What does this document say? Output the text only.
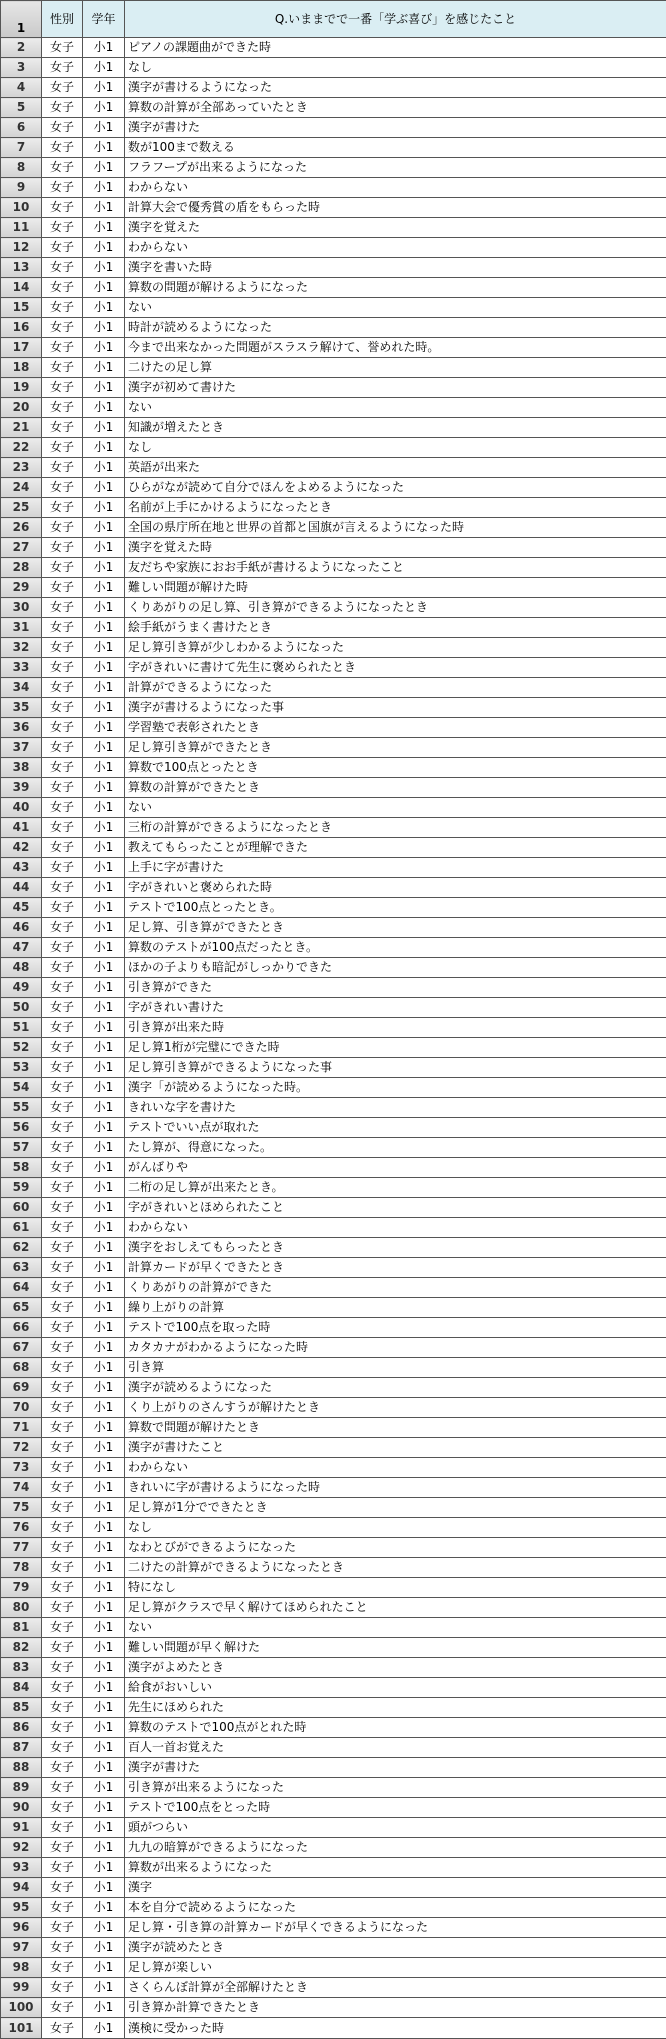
1	性別	学年	Q.いままでで一番「学ぶ喜び」を感じたこと
2	女子	小1	ピアノの課題曲ができた時
3	女子	小1	なし
4	女子	小1	漢字が書けるようになった
5	女子	小1	算数の計算が全部あっていたとき
6	女子	小1	漢字が書けた
7	女子	小1	数が100まで数える
8	女子	小1	フラフープが出来るようになった
9	女子	小1	わからない
10	女子	小1	計算大会で優秀賞の盾をもらった時
11	女子	小1	漢字を覚えた
12	女子	小1	わからない
13	女子	小1	漢字を書いた時
14	女子	小1	算数の問題が解けるようになった
15	女子	小1	ない
16	女子	小1	時計が読めるようになった
17	女子	小1	今まで出来なかった問題がスラスラ解けて、誉めれた時。
18	女子	小1	二けたの足し算
19	女子	小1	漢字が初めて書けた
20	女子	小1	ない
21	女子	小1	知識が増えたとき
22	女子	小1	なし
23	女子	小1	英語が出来た
24	女子	小1	ひらがなが読めて自分でほんをよめるようになった
25	女子	小1	名前が上手にかけるようになったとき
26	女子	小1	全国の県庁所在地と世界の首都と国旗が言えるようになった時
27	女子	小1	漢字を覚えた時
28	女子	小1	友だちや家族におお手紙が書けるようになったこと
29	女子	小1	難しい問題が解けた時
30	女子	小1	くりあがりの足し算、引き算ができるようになったとき
31	女子	小1	絵手紙がうまく書けたとき
32	女子	小1	足し算引き算が少しわかるようになった
33	女子	小1	字がきれいに書けて先生に褒められたとき
34	女子	小1	計算ができるようになった
35	女子	小1	漢字が書けるようになった事
36	女子	小1	学習塾で表彰されたとき
37	女子	小1	足し算引き算ができたとき
38	女子	小1	算数で100点とったとき
39	女子	小1	算数の計算ができたとき
40	女子	小1	ない
41	女子	小1	三桁の計算ができるようになったとき
42	女子	小1	教えてもらったことが理解できた
43	女子	小1	上手に字が書けた
44	女子	小1	字がきれいと褒められた時
45	女子	小1	テストで100点とったとき。
46	女子	小1	足し算、引き算ができたとき
47	女子	小1	算数のテストが100点だったとき。
48	女子	小1	ほかの子よりも暗記がしっかりできた
49	女子	小1	引き算ができた
50	女子	小1	字がきれい書けた
51	女子	小1	引き算が出来た時
52	女子	小1	足し算1桁が完璧にできた時
53	女子	小1	足し算引き算ができるようになった事
54	女子	小1	漢字「が読めるようになった時。
55	女子	小1	きれいな字を書けた
56	女子	小1	テストでいい点が取れた
57	女子	小1	たし算が、得意になった。
58	女子	小1	がんばりや
59	女子	小1	二桁の足し算が出来たとき。
60	女子	小1	字がきれいとほめられたこと
61	女子	小1	わからない
62	女子	小1	漢字をおしえてもらったとき
63	女子	小1	計算カードが早くできたとき
64	女子	小1	くりあがりの計算ができた
65	女子	小1	繰り上がりの計算
66	女子	小1	テストで100点を取った時
67	女子	小1	カタカナがわかるようになった時
68	女子	小1	引き算
69	女子	小1	漢字が読めるようになった
70	女子	小1	くり上がりのさんすうが解けたとき
71	女子	小1	算数で問題が解けたとき
72	女子	小1	漢字が書けたこと
73	女子	小1	わからない
74	女子	小1	きれいに字が書けるようになった時
75	女子	小1	足し算が1分でできたとき
76	女子	小1	なし
77	女子	小1	なわとびができるようになった
78	女子	小1	二けたの計算ができるようになったとき
79	女子	小1	特になし
80	女子	小1	足し算がクラスで早く解けてほめられたこと
81	女子	小1	ない
82	女子	小1	難しい問題が早く解けた
83	女子	小1	漢字がよめたとき
84	女子	小1	給食がおいしい
85	女子	小1	先生にほめられた
86	女子	小1	算数のテストで100点がとれた時
87	女子	小1	百人一首お覚えた
88	女子	小1	漢字が書けた
89	女子	小1	引き算が出来るようになった
90	女子	小1	テストで100点をとった時
91	女子	小1	頭がつらい
92	女子	小1	九九の暗算ができるようになった
93	女子	小1	算数が出来るようになった
94	女子	小1	漢字
95	女子	小1	本を自分で読めるようになった
96	女子	小1	足し算・引き算の計算カードが早くできるようになった
97	女子	小1	漢字が読めたとき
98	女子	小1	足し算が楽しい
99	女子	小1	さくらんぼ計算が全部解けたとき
100	女子	小1	引き算か計算できたとき
101	女子	小1	漢検に受かった時
